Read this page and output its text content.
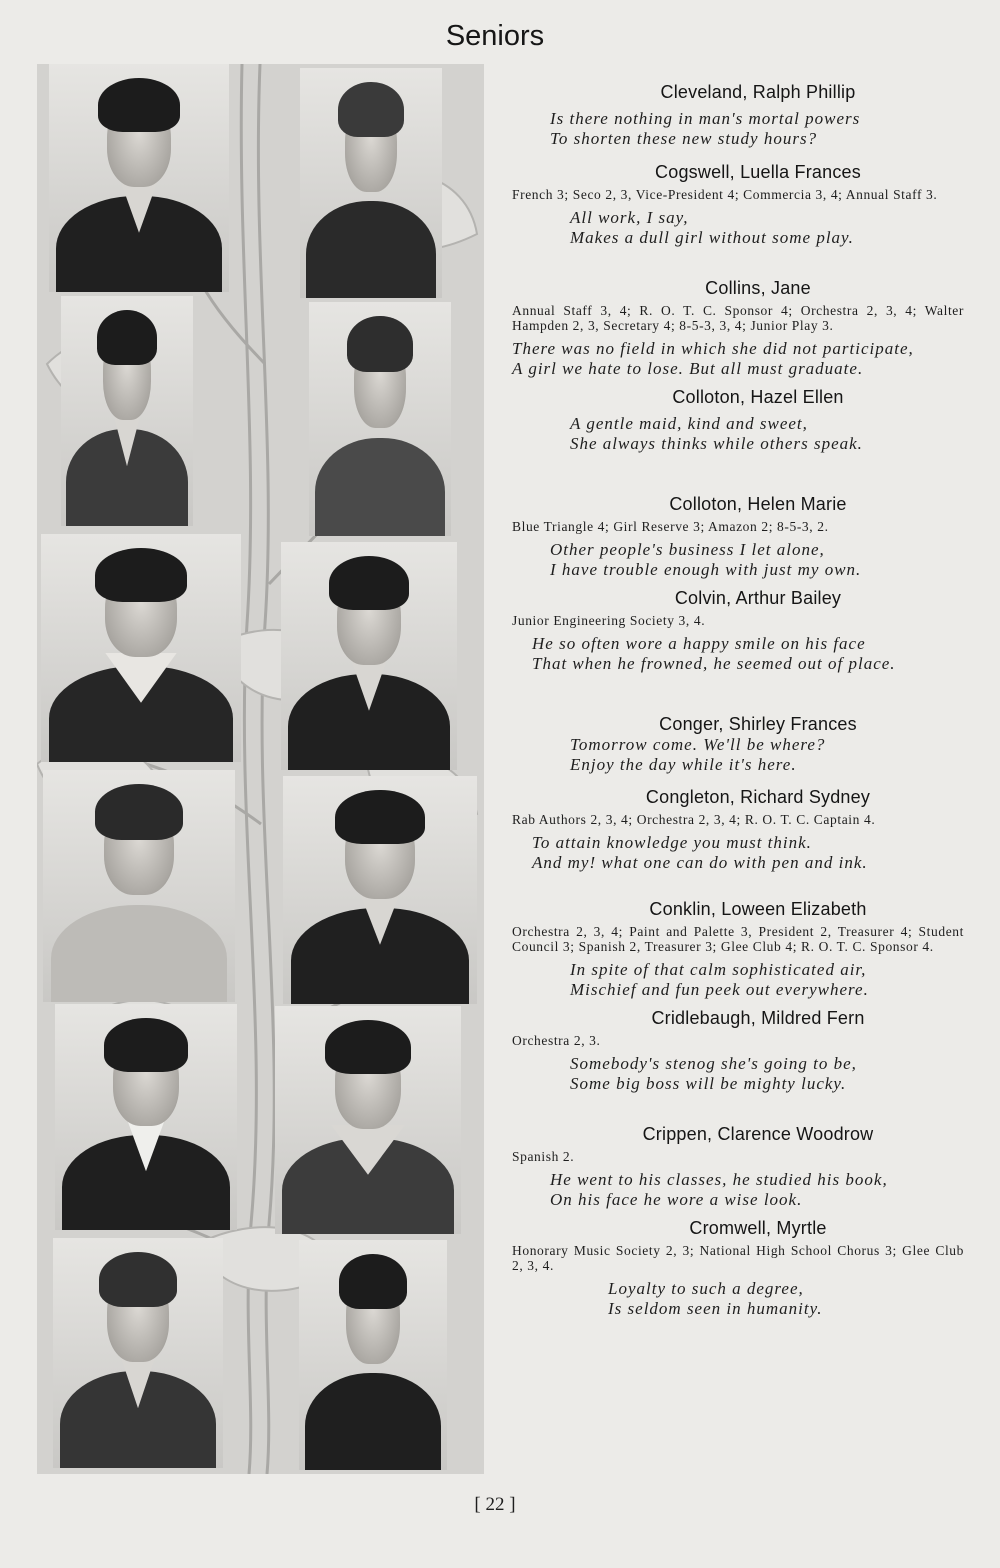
Seniors
Cleveland, Ralph Phillip
Is there nothing in man's mortal powers
To shorten these new study hours?
Cogswell, Luella Frances
French 3; Seco 2, 3, Vice-President 4; Commercia 3, 4; Annual Staff 3.
All work, I say,
Makes a dull girl without some play.
Collins, Jane
Annual Staff 3, 4; R. O. T. C. Sponsor 4; Orchestra 2, 3, 4; Walter Hampden 2, 3, Secretary 4; 8-5-3, 3, 4; Junior Play 3.
There was no field in which she did not participate,
A girl we hate to lose. But all must graduate.
Colloton, Hazel Ellen
A gentle maid, kind and sweet,
She always thinks while others speak.
Colloton, Helen Marie
Blue Triangle 4; Girl Reserve 3; Amazon 2; 8-5-3, 2.
Other people's business I let alone,
I have trouble enough with just my own.
Colvin, Arthur Bailey
Junior Engineering Society 3, 4.
He so often wore a happy smile on his face
That when he frowned, he seemed out of place.
Conger, Shirley Frances
Tomorrow come. We'll be where?
Enjoy the day while it's here.
Congleton, Richard Sydney
Rab Authors 2, 3, 4; Orchestra 2, 3, 4; R. O. T. C. Captain 4.
To attain knowledge you must think.
And my! what one can do with pen and ink.
Conklin, Loween Elizabeth
Orchestra 2, 3, 4; Paint and Palette 3, President 2, Treasurer 4; Student Council 3; Spanish 2, Treasurer 3; Glee Club 4; R. O. T. C. Sponsor 4.
In spite of that calm sophisticated air,
Mischief and fun peek out everywhere.
Cridlebaugh, Mildred Fern
Orchestra 2, 3.
Somebody's stenog she's going to be,
Some big boss will be mighty lucky.
Crippen, Clarence Woodrow
Spanish 2.
He went to his classes, he studied his book,
On his face he wore a wise look.
Cromwell, Myrtle
Honorary Music Society 2, 3; National High School Chorus 3; Glee Club 2, 3, 4.
Loyalty to such a degree,
Is seldom seen in humanity.
[ 22 ]
